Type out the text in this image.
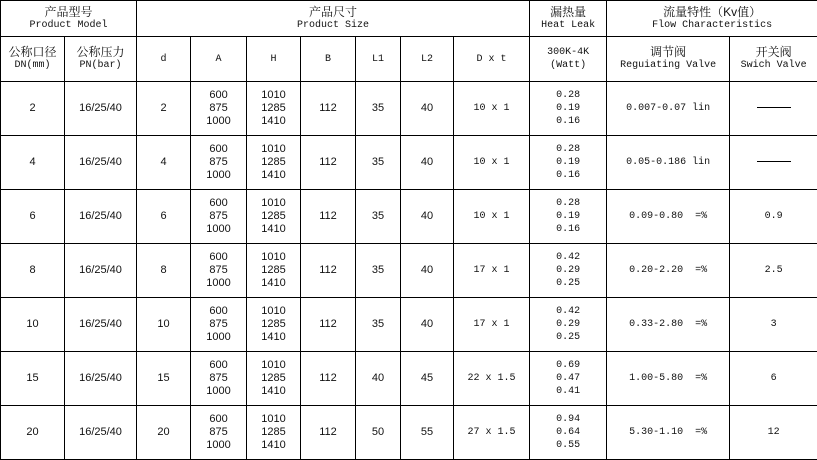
产品型号
Product Model		产品尺寸
Product Size							漏热量
Heat Leak	流量特性（Kv值）
Flow Characteristics	

公称口径
DN(mm)	公称压力
PN(bar)	d	A	H	B	L1	L2	D x t	300K-4K
(Watt)	调节阀
Reguiating Valve	开关阀
Swich Valve

2	16/25/40	2	600
875
1000	1010
1285
1410	112	35	40	10 x 1	0.28
0.19
0.16	0.007-0.07 lin	
4	16/25/40	4	600
875
1000	1010
1285
1410	112	35	40	10 x 1	0.28
0.19
0.16	0.05-0.186 lin	
6	16/25/40	6	600
875
1000	1010
1285
1410	112	35	40	10 x 1	0.28
0.19
0.16	0.09-0.80  =%	0.9
8	16/25/40	8	600
875
1000	1010
1285
1410	112	35	40	17 x 1	0.42
0.29
0.25	0.20-2.20  =%	2.5
10	16/25/40	10	600
875
1000	1010
1285
1410	112	35	40	17 x 1	0.42
0.29
0.25	0.33-2.80  =%	3
15	16/25/40	15	600
875
1000	1010
1285
1410	112	40	45	22 x 1.5	0.69
0.47
0.41	1.00-5.80  =%	6
20	16/25/40	20	600
875
1000	1010
1285
1410	112	50	55	27 x 1.5	0.94
0.64
0.55	5.30-1.10  =%	12
